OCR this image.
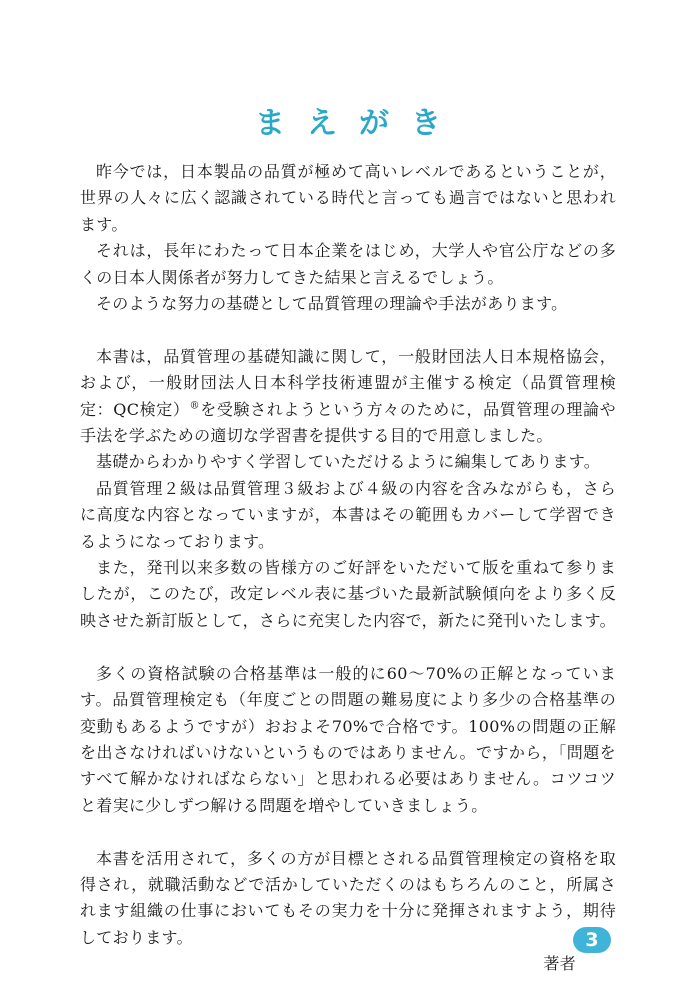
まえがき

昨今では，日本製品の品質が極めて高いレベルであるということが，世界の人々に広く認識されている時代と言っても過言ではないと思われます。

それは，長年にわたって日本企業をはじめ，大学人や官公庁などの多くの日本人関係者が努力してきた結果と言えるでしょう。

そのような努力の基礎として品質管理の理論や手法があります。

本書は，品質管理の基礎知識に関して，一般財団法人日本規格協会，および，一般財団法人日本科学技術連盟が主催する検定（品質管理検定：QC検定）®を受験されようという方々のために，品質管理の理論や手法を学ぶための適切な学習書を提供する目的で用意しました。

基礎からわかりやすく学習していただけるように編集してあります。

品質管理２級は品質管理３級および４級の内容を含みながらも，さらに高度な内容となっていますが，本書はその範囲もカバーして学習できるようになっております。

また，発刊以来多数の皆様方のご好評をいただいて版を重ねて参りましたが，このたび，改定レベル表に基づいた最新試験傾向をより多く反映させた新訂版として，さらに充実した内容で，新たに発刊いたします。

多くの資格試験の合格基準は一般的に60～70%の正解となっています。品質管理検定も（年度ごとの問題の難易度により多少の合格基準の変動もあるようですが）おおよそ70%で合格です。100%の問題の正解を出さなければいけないというものではありません。ですから，「問題をすべて解かなければならない」と思われる必要はありません。コツコツと着実に少しずつ解ける問題を増やしていきましょう。

本書を活用されて，多くの方が目標とされる品質管理検定の資格を取得され，就職活動などで活かしていただくのはもちろんのこと，所属されます組織の仕事においてもその実力を十分に発揮されますよう，期待しております。

著者
3
